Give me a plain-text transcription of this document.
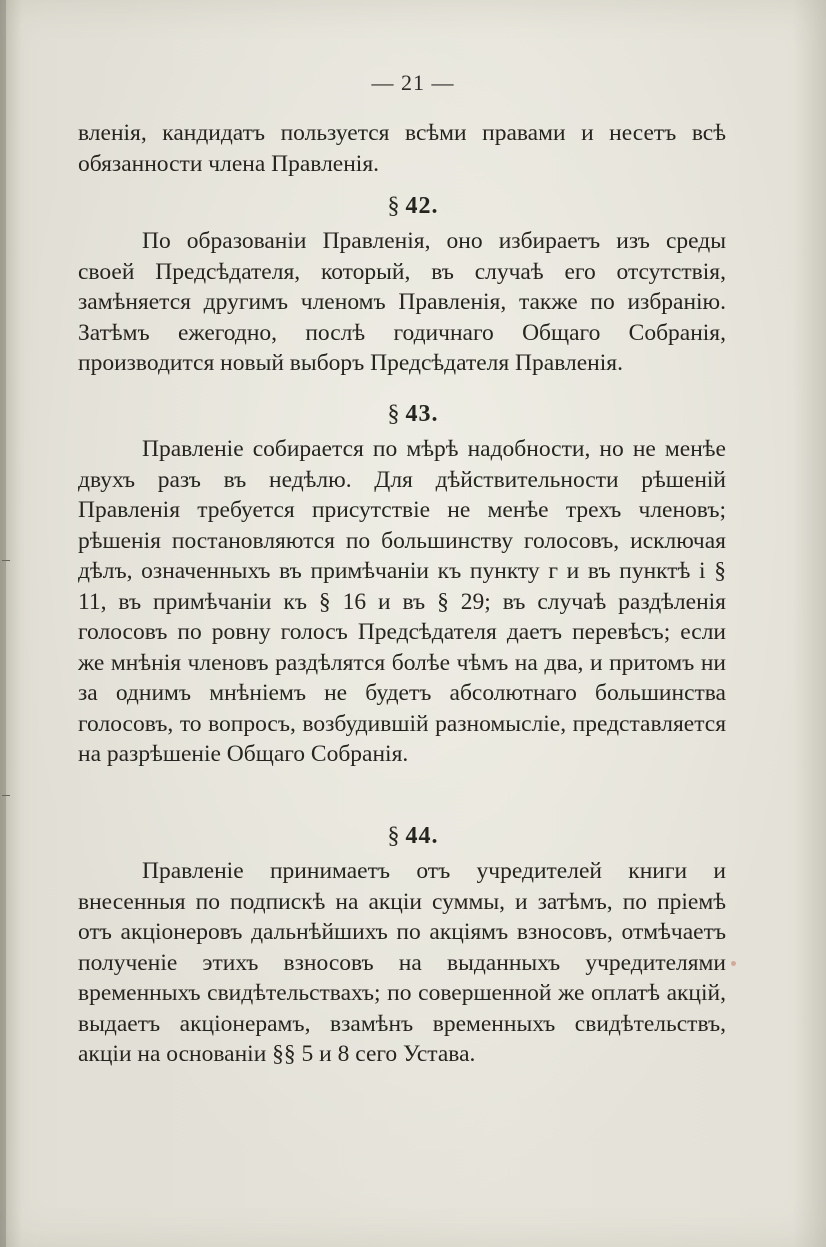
— 21 —
вленія, кандидатъ пользуется всѣми правами и несетъ всѣ обязанности члена Правленія.
§ 42.
По образованіи Правленія, оно избираетъ изъ среды своей Предсѣдателя, который, въ случаѣ его отсутствія, замѣняется другимъ членомъ Правленія, также по избранію. Затѣмъ ежегодно, послѣ годичнаго Общаго Собранія, производится новый выборъ Предсѣдателя Правленія.
§ 43.
Правленіе собирается по мѣрѣ надобности, но не менѣе двухъ разъ въ недѣлю. Для дѣйствительности рѣшеній Правленія требуется присутствіе не менѣе трехъ членовъ; рѣшенія постановляются по большинству голосовъ, исключая дѣлъ, означенныхъ въ примѣчаніи къ пункту г и въ пунктѣ і § 11, въ примѣчаніи къ § 16 и въ § 29; въ случаѣ раздѣленія голосовъ по ровну голосъ Предсѣдателя даетъ перевѣсъ; если же мнѣнія членовъ раздѣлятся болѣе чѣмъ на два, и притомъ ни за однимъ мнѣніемъ не будетъ абсолютнаго большинства голосовъ, то вопросъ, возбудившій разномысліе, представляется на разрѣшеніе Общаго Собранія.
§ 44.
Правленіе принимаетъ отъ учредителей книги и внесенныя по подпискѣ на акціи суммы, и затѣмъ, по пріемѣ отъ акціонеровъ дальнѣйшихъ по акціямъ взносовъ, отмѣчаетъ полученіе этихъ взносовъ на выданныхъ учредителями временныхъ свидѣтельствахъ; по совершенной же оплатѣ акцій, выдаетъ акціонерамъ, взамѣнъ временныхъ свидѣтельствъ, акціи на основаніи §§ 5 и 8 сего Устава.
